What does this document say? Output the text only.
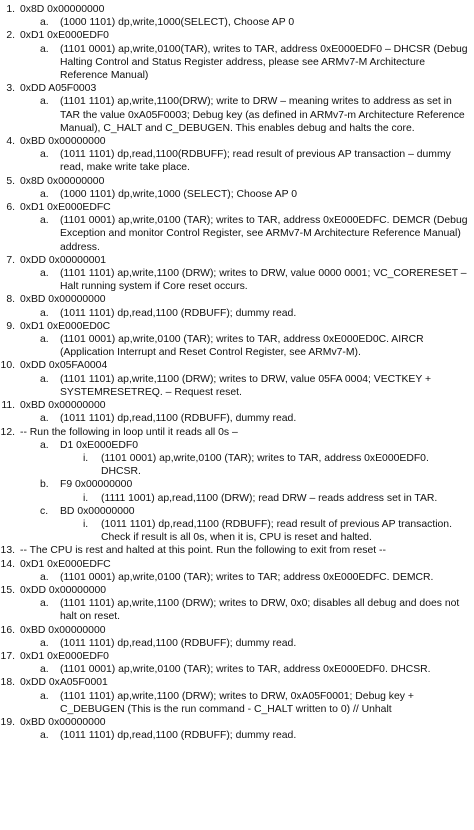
1. 0x8D 0x00000000
a.	(1000 1101) dp,write,1000(SELECT), Choose AP 0
2. 0xD1 0xE000EDF0
a.	(1101 0001) ap,write,0100(TAR), writes to TAR, address 0xE000EDF0 – DHCSR (Debug Halting Control and Status Register address, please see ARMv7-M Architecture Reference Manual)
3. 0xDD A05F0003
a.	(1101 1101) ap,write,1100(DRW); write to DRW – meaning writes to address as set in TAR the value 0xA05F0003; Debug key (as defined in ARMv7-m Architecture Reference Manual), C_HALT and C_DEBUGEN. This enables debug and halts the core.
4. 0xBD 0x00000000
a.	(1011 1101) dp,read,1100(RDBUFF); read result of previous AP transaction – dummy read, make write take place.
5. 0x8D 0x00000000
a.	(1000 1101) dp,write,1000 (SELECT); Choose AP 0
6. 0xD1 0xE000EDFC
a.	(1101 0001) ap,write,0100 (TAR); writes to TAR, address 0xE000EDFC. DEMCR (Debug Exception and monitor Control Register, see ARMv7-M Architecture Reference Manual) address.
7. 0xDD 0x00000001
a.	(1101 1101) ap,write,1100 (DRW); writes to DRW, value 0000 0001; VC_CORERESET – Halt running system if Core reset occurs.
8. 0xBD 0x00000000
a.	(1011 1101) dp,read,1100 (RDBUFF); dummy read.
9. 0xD1 0xE000ED0C
a.	(1101 0001) ap,write,0100 (TAR); writes to TAR, address 0xE000ED0C. AIRCR (Application Interrupt and Reset Control Register, see ARMv7-M).
10. 0xDD 0x05FA0004
a.	(1101 1101) ap,write,1100 (DRW); writes to DRW, value 05FA 0004; VECTKEY + SYSTEMRESETREQ. – Request reset.
11. 0xBD 0x00000000
a.	(1011 1101) dp,read,1100 (RDBUFF), dummy read.
12. -- Run the following in loop until it reads all 0s –
a.	D1 0xE000EDF0
i.	(1101 0001) ap,write,0100 (TAR); writes to TAR, address 0xE000EDF0. DHCSR.
b.	F9 0x00000000
i.	(1111 1001) ap,read,1100 (DRW); read DRW – reads address set in TAR.
c.	BD 0x00000000
i.	(1011 1101) dp,read,1100 (RDBUFF); read result of previous AP transaction. Check if result is all 0s, when it is, CPU is reset and halted.
13. -- The CPU is rest and halted at this point. Run the following to exit from reset --
14. 0xD1 0xE000EDFC
a.	(1101 0001) ap,write,0100 (TAR); writes to TAR; address 0xE000EDFC. DEMCR.
15. 0xDD 0x00000000
a.	(1101 1101) ap,write,1100 (DRW); writes to DRW, 0x0; disables all debug and does not halt on reset.
16. 0xBD 0x00000000
a.	(1011 1101) dp,read,1100 (RDBUFF); dummy read.
17. 0xD1 0xE000EDF0
a.	(1101 0001) ap,write,0100 (TAR); writes to TAR, address 0xE000EDF0. DHCSR.
18. 0xDD 0xA05F0001
a.	(1101 1101) ap,write,1100 (DRW); writes to DRW, 0xA05F0001; Debug key + C_DEBUGEN (This is the run command - C_HALT written to 0) // Unhalt
19. 0xBD 0x00000000
a.	(1011 1101) dp,read,1100 (RDBUFF); dummy read.
